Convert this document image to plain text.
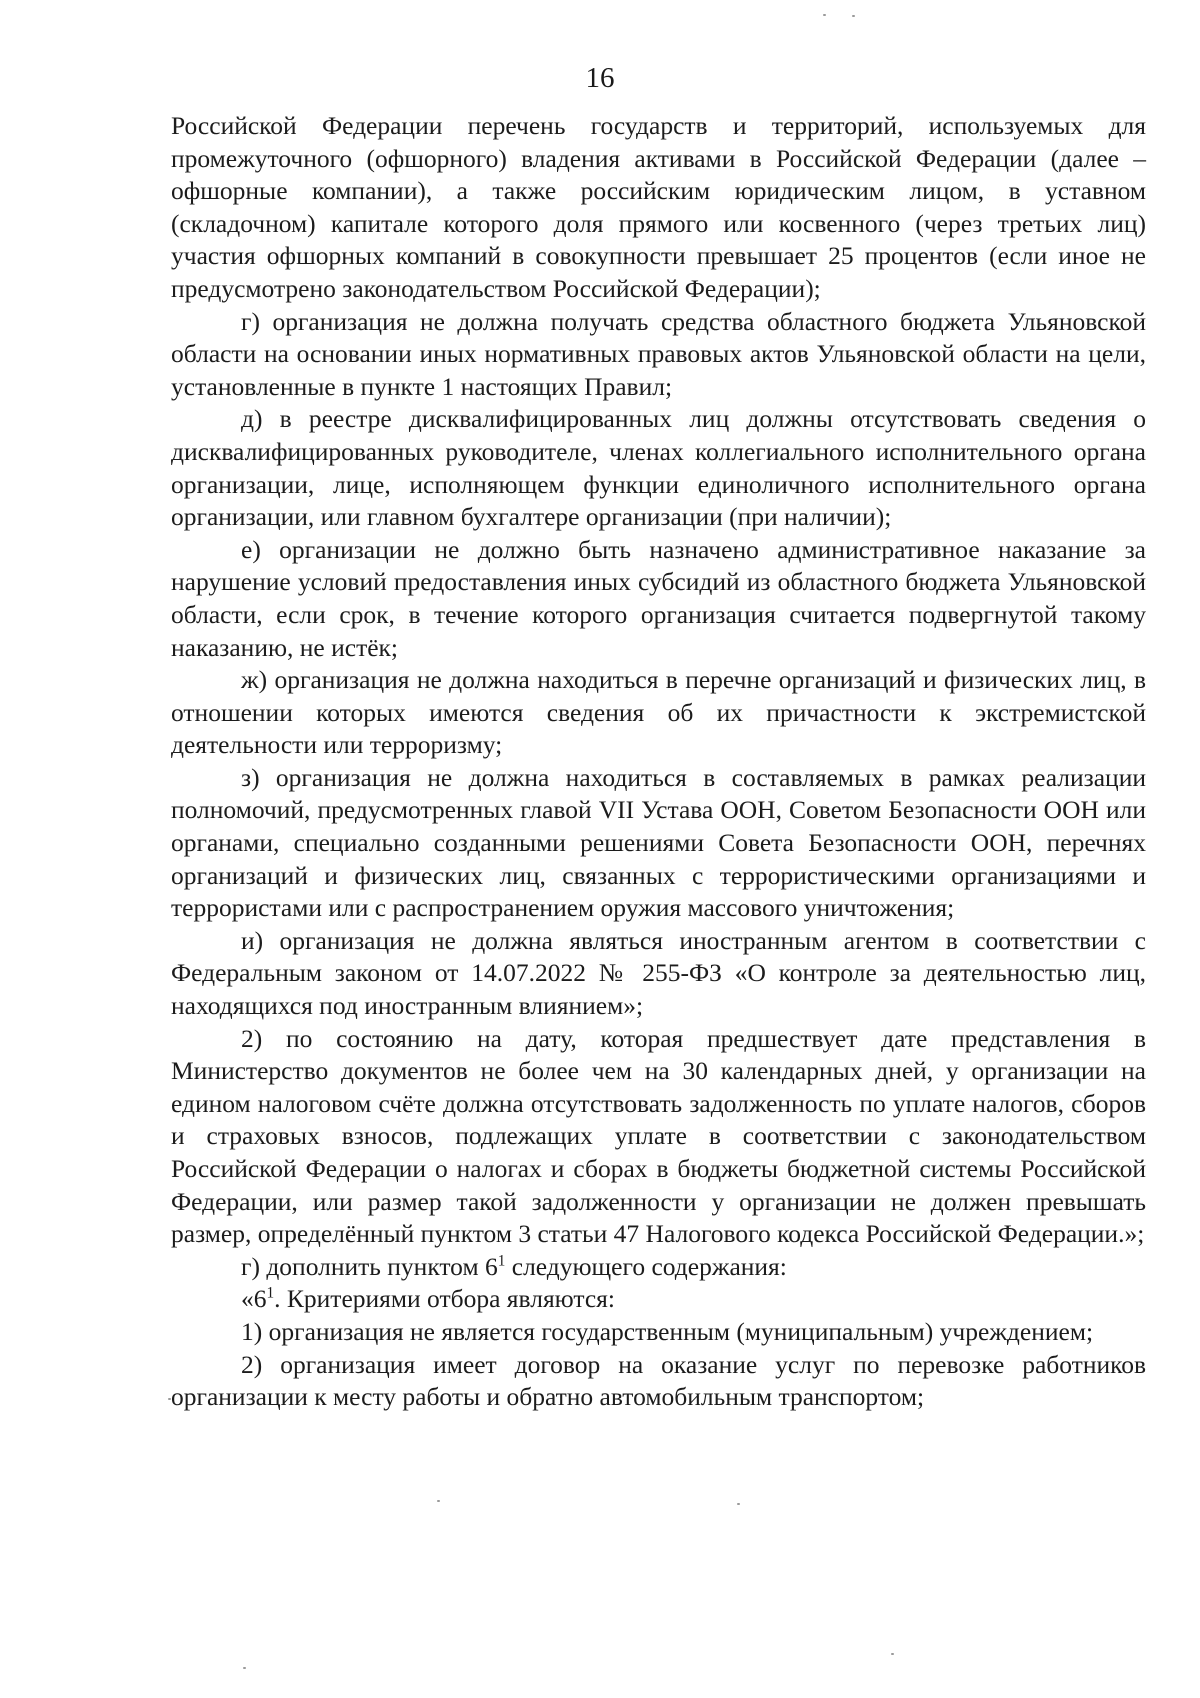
16

Российской Федерации перечень государств и территорий, используемых для промежуточного (офшорного) владения активами в Российской Федерации (далее – офшорные компании), а также российским юридическим лицом, в уставном (складочном) капитале которого доля прямого или косвенного (через третьих лиц) участия офшорных компаний в совокупности превышает 25 процентов (если иное не предусмотрено законодательством Российской Федерации);

г) организация не должна получать средства областного бюджета Ульяновской области на основании иных нормативных правовых актов Ульяновской области на цели, установленные в пункте 1 настоящих Правил;

д) в реестре дисквалифицированных лиц должны отсутствовать сведения о дисквалифицированных руководителе, членах коллегиального исполнительного органа организации, лице, исполняющем функции единоличного исполнительного органа организации, или главном бухгалтере организации (при наличии);

е) организации не должно быть назначено административное наказание за нарушение условий предоставления иных субсидий из областного бюджета Ульяновской области, если срок, в течение которого организация считается подвергнутой такому наказанию, не истёк;

ж) организация не должна находиться в перечне организаций и физических лиц, в отношении которых имеются сведения об их причастности к экстремистской деятельности или терроризму;

з) организация не должна находиться в составляемых в рамках реализации полномочий, предусмотренных главой VII Устава ООН, Советом Безопасности ООН или органами, специально созданными решениями Совета Безопасности ООН, перечнях организаций и физических лиц, связанных с террористическими организациями и террористами или с распространением оружия массового уничтожения;

и) организация не должна являться иностранным агентом в соответствии с Федеральным законом от 14.07.2022 № 255-ФЗ «О контроле за деятельностью лиц, находящихся под иностранным влиянием»;

2) по состоянию на дату, которая предшествует дате представления в Министерство документов не более чем на 30 календарных дней, у организации на едином налоговом счёте должна отсутствовать задолженность по уплате налогов, сборов и страховых взносов, подлежащих уплате в соответствии с законодательством Российской Федерации о налогах и сборах в бюджеты бюджетной системы Российской Федерации, или размер такой задолженности у организации не должен превышать размер, определённый пунктом 3 статьи 47 Налогового кодекса Российской Федерации.»;

г) дополнить пунктом $6^1$ следующего содержания:

«$6^1$. Критериями отбора являются:

1) организация не является государственным (муниципальным) учреждением;

2) организация имеет договор на оказание услуг по перевозке работников организации к месту работы и обратно автомобильным транспортом;
